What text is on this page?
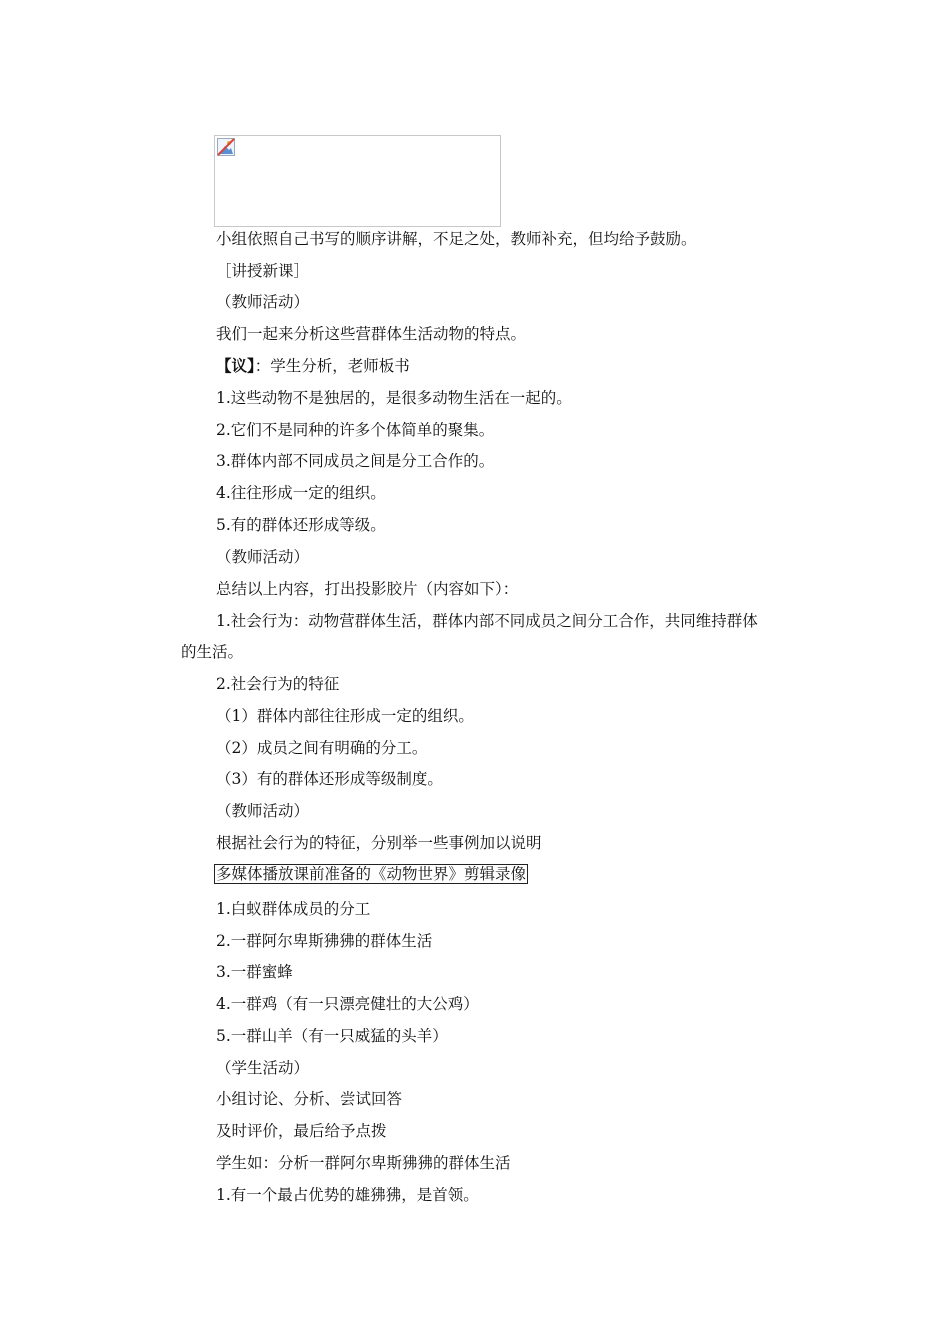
小组依照自己书写的顺序讲解，不足之处，教师补充，但均给予鼓励。
［讲授新课］
（教师活动）
我们一起来分析这些营群体生活动物的特点。
【议】：学生分析，老师板书
1.这些动物不是独居的，是很多动物生活在一起的。
2.它们不是同种的许多个体简单的聚集。
3.群体内部不同成员之间是分工合作的。
4.往往形成一定的组织。
5.有的群体还形成等级。
（教师活动）
总结以上内容，打出投影胶片（内容如下）：
1.社会行为：动物营群体生活，群体内部不同成员之间分工合作，共同维持群体
的生活。
2.社会行为的特征
（1）群体内部往往形成一定的组织。
（2）成员之间有明确的分工。
（3）有的群体还形成等级制度。
（教师活动）
根据社会行为的特征，分别举一些事例加以说明
多媒体播放课前准备的《动物世界》剪辑录像
1.白蚁群体成员的分工
2.一群阿尔卑斯狒狒的群体生活
3.一群蜜蜂
4.一群鸡（有一只漂亮健壮的大公鸡）
5.一群山羊（有一只威猛的头羊）
（学生活动）
小组讨论、分析、尝试回答
及时评价，最后给予点拨
学生如：分析一群阿尔卑斯狒狒的群体生活
1.有一个最占优势的雄狒狒，是首领。
